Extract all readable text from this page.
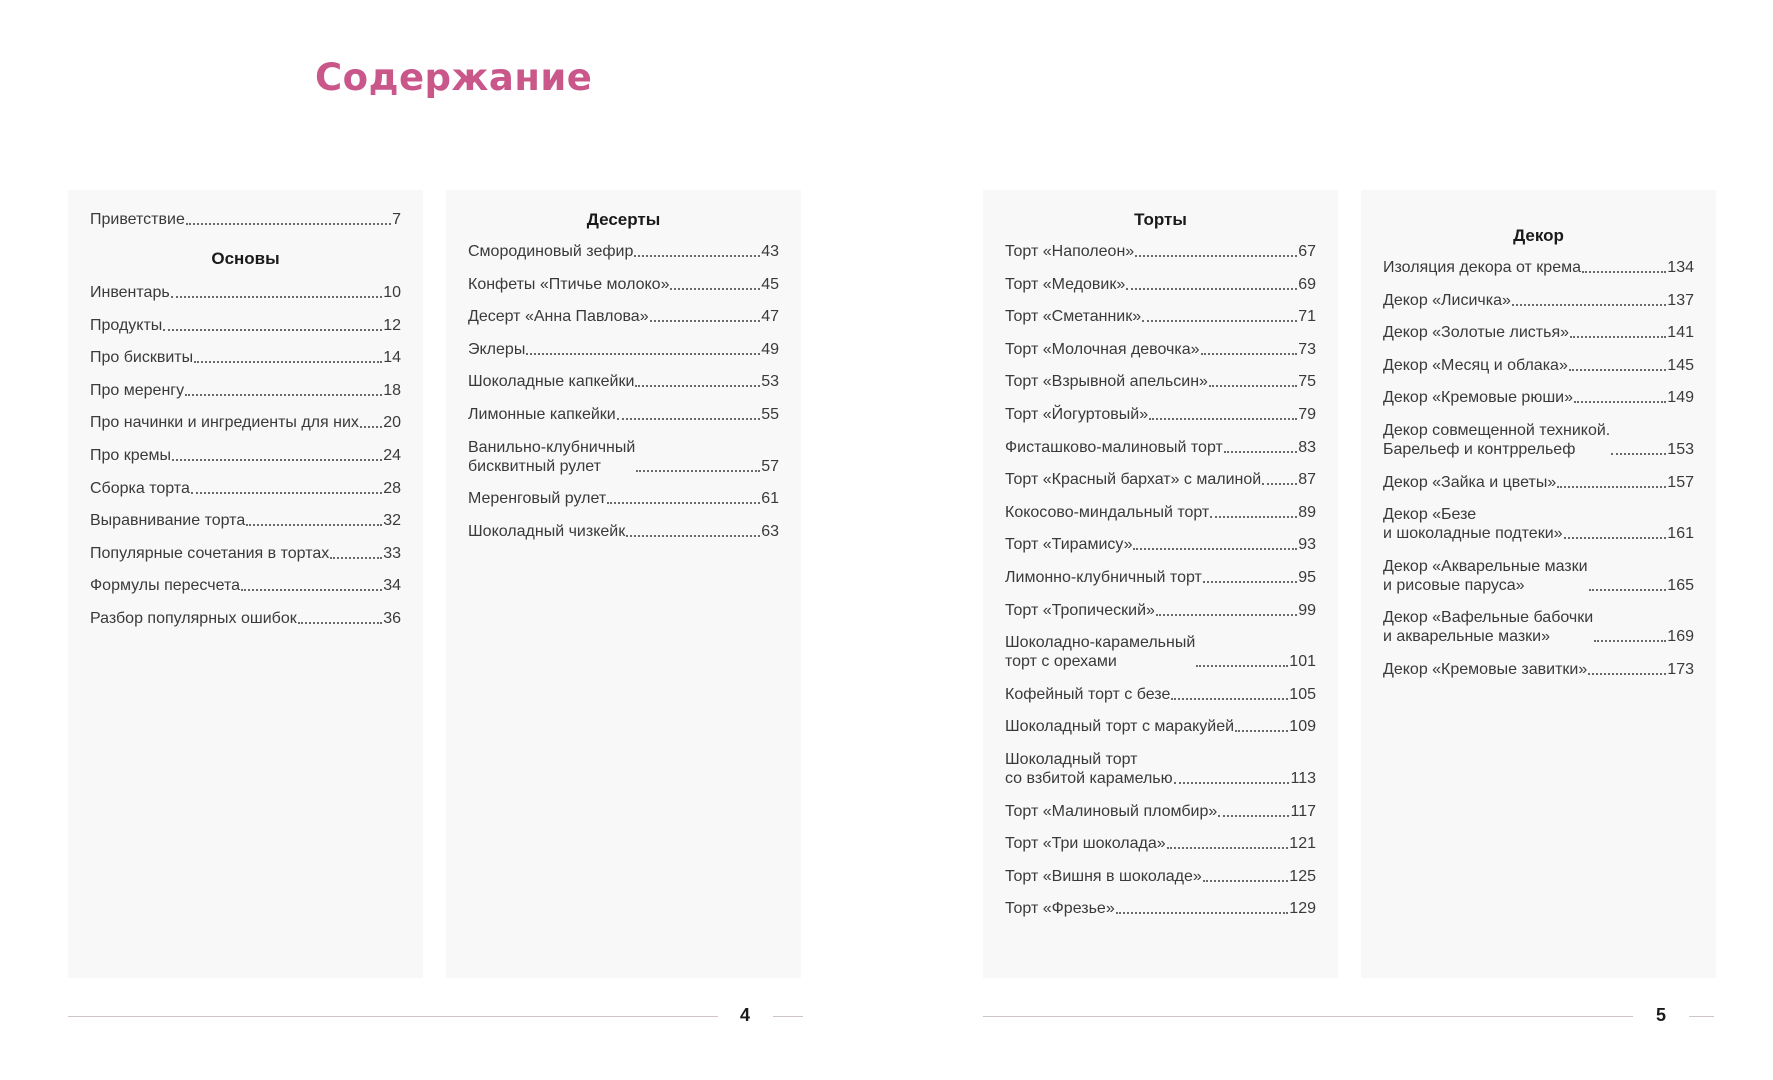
Содержание
Приветствие	7
Основы
Инвентарь	10
Продукты	12
Про бисквиты	14
Про меренгу	18
Про начинки и ингредиенты для них 20
Про кремы	24
Сборка торта	28
Выравнивание торта	32
Популярные сочетания в тортах	33
Формулы пересчета	34
Разбор популярных ошибок	36
Десерты
Смородиновый зефир	43
Конфеты «Птичье молоко»	45
Десерт «Анна Павлова»	47
Эклеры	49
Шоколадные капкейки	53
Лимонные капкейки	55
Ванильно-клубничный
бисквитный рулет	57
Меренговый рулет	61
Шоколадный чизкейк	63
4
Торты
Торт «Наполеон»	67
Торт «Медовик»	69
Торт «Сметанник»	71
Торт «Молочная девочка»	73
Торт «Взрывной апельсин»	75
Торт «Йогуртовый»	79
Фисташково-малиновый торт	83
Торт «Красный бархат» с малиной 87
Кокосово-миндальный торт	89
Торт «Тирамису»	93
Лимонно-клубничный торт	95
Торт «Тропический»	99
Шоколадно-карамельный
торт с орехами	101
Кофейный торт с безе	105
Шоколадный торт с маракуйей	109
Шоколадный торт
со взбитой карамелью	113
Торт «Малиновый пломбир»	117
Торт «Три шоколада»	121
Торт «Вишня в шоколаде»	125
Торт «Фрезье»	129
Декор
Изоляция декора от крема	134
Декор «Лисичка»	137
Декор «Золотые листья»	141
Декор «Месяц и облака»	145
Декор «Кремовые рюши»	149
Декор совмещенной техникой.
Барельеф и контррельеф	153
Декор «Зайка и цветы»	157
Декор «Безе
и шоколадные подтеки»	161
Декор «Акварельные мазки
и рисовые паруса»	165
Декор «Вафельные бабочки
и акварельные мазки»	169
Декор «Кремовые завитки»	173
5
